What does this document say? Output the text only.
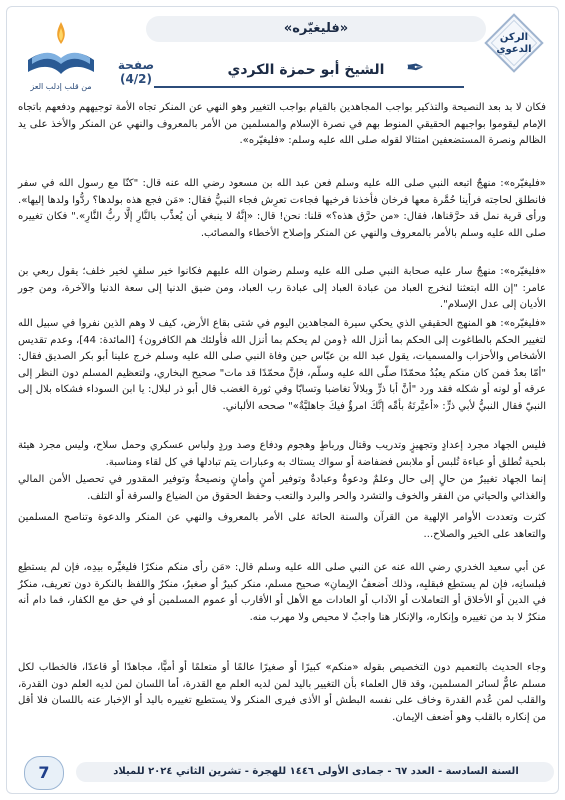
«فليغيّره»
الشيخ أبو حمزة الكردي ✒
الركن الدعوي
صفحة
(4/2)
من قلب إدلب العز

فكان لا بد بعد النصيحة والتذكير بواجب المجاهدين بالقيام بواجب التغيير وهو النهي عن المنكر تجاه الأمة توجيههم ودفعهم باتجاه الإمام ليقوموا بواجبهم الحقيقي المنوط بهم في نصرة الإسلام والمسلمين من الأمر بالمعروف والنهي عن المنكر والأخذ على يد الظالم ونصرة المستضعفين امتثالا لقوله صلى الله عليه وسلم: «فليغيّره».

«فليغيّره»: منهجٌ اتبعه النبي صلى الله عليه وسلم فعن عبد الله بن مسعود رضي الله عنه قال: "كنّا مع رسول الله في سفر فانطلق لحاجته فرأينا حُمَّرة معها فرخان فأخذنا فرخيها فجاءت تعرِش فجاء النبيُّ فقال: «مَن فجع هذه بولدها؟ ردُّوا ولدها إليها». ورأى قرية نمل قد حرَّقناها، فقال: «من حرَّق هذه؟» قلنا: نحن! قال: «إنَّهُ لا ينبغي أن يُعذِّب بالنَّارِ إلَّا ربُّ النَّارِ»." فكان تغييره صلى الله عليه وسلم بالأمر بالمعروف والنهي عن المنكر وإصلاح الأخطاء والمصائب.

«فليغيّره»: منهجٌ سار عليه صحابة النبي صلى الله عليه وسلم رضوان الله عليهم فكانوا خير سلفٍ لخير خلف؛ يقول ربعي بن عامر: "إن الله ابتعثنا لنخرج العباد من عبادة العباد إلى عبادة رب العباد، ومن ضيق الدنيا إلى سعة الدنيا والآخرة، ومن جور الأديان إلى عدل الإسلام".

«فليغيّره»: هو المنهج الحقيقي الذي يحكي سيرة المجاهدين اليوم في شتى بقاع الأرض، كيف لا وهم الذين نفروا في سبيل الله لتغيير الحكم بالطاغوت إلى الحكم بما أنزل الله ﴿ومن لم يحكم بما أنزل الله فأولئك هم الكافرون﴾ [المائدة: 44]، وعدم تقديس الأشخاص والأحزاب والمسميات، يقول عبد الله بن عبّاس حين وفاة النبي صلى الله عليه وسلم خرج علينا أبو بكر الصديق فقال: "أمّا بعدُ فمن كان منكم يعبُدُ محمّدًا صلّى الله عليه وسلّم، فإنَّ محمّدًا قد مات" صحيح البخاري، ولتعظيم المسلم دون النظر إلى عرقه أو لونه أو شكله فقد ورد "أنَّ أبا ذرٍّ وبلالاً تغاضبا وتسابّا وفي ثورة الغضب قال أبو ذر لبلال: يا ابن السوداء فشكاه بلال إلى النبيّ فقال النبيُّ لأبي ذرٍّ: «أعيَّرتَهُ بأمِّه إنَّكَ امرؤٌ فيكَ جاهليَّةٌ»" صححه الألباني.

فليس الجهاد مجرد إعدادٍ وتجهيزٍ وتدريب وقتال ورباطٍ وهجوم ودفاع وصد وردٍ ولباس عسكري وحمل سلاح، وليس مجرد هيئة بلحية تُطلق أو عباءة تُلبس أو ملابس فضفاضة أو سواك يستاك به وعبارات يتم تبادلها في كل لقاء ومناسبة.

إنما الجهاد تغييرٌ من حالٍ إلى حال وعلمٌ ودعوةٌ وعبادةٌ وتوفير أمنٍ وأمانٍ ونصيحةٌ وتوفير المقدور في تحصيل الأمن المالي والغذائي والحياتي من الفقر والخوف والتشرد والحر والبرد والتعب وحفظ الحقوق من الضياع والسرقة أو التلف.

كثرت وتعددت الأوامر الإلهية من القرآن والسنة الحاثة على الأمر بالمعروف والنهي عن المنكر والدعوة وتناصح المسلمين والتعاهد على الخير والصلاح...

عن أبي سعيد الخدري رضي الله عنه عن النبي صلى الله عليه وسلم قال: «مَن رأى منكم منكرًا فليغيِّره بيدِه، فإن لم يستطِع فبلسانِه، فإن لم يستطِع فبقلبِه، وذلك أضعفُ الإيمانِ» صحيح مسلم، منكر كبيرٌ أو صغيرٌ، منكرٌ واللفظ بالنكرة دون تعريف، منكرٌ في الدين أو الأخلاق أو التعاملات أو الآداب أو العادات مع الأهل أو الأقارب أو عموم المسلمين أو في حق مع الكفار، فما دام أنه منكرٌ لا بد من تغييره وإنكاره، والإنكار هنا واجبٌ لا محيص ولا مهرب منه.

وجاء الحديث بالتعميم دون التخصيص بقوله «منكم» كبيرًا أو صغيرًا عالمًا أو متعلمًا أو أميًّا، مجاهدًا أو قاعدًا، فالخطاب لكل مسلم عامٌّ لسائر المسلمين، وقد قال العلماء بأن التغيير باليد لمن لديه العلم مع القدرة، أما اللسان لمن لديه العلم دون القدرة، والقلب لمن عُدم القدرة وخاف على نفسه البطش أو الأذى فيرى المنكر ولا يستطيع تغييره باليد أو الإخبار عنه باللسان فلا أقل من إنكاره بالقلب وهو أضعف الإيمان.

السنة السادسة - العدد ٦٧ - جمادى الأولى ١٤٤٦ للهجرة - تشرين الثاني ٢٠٢٤ للميلاد
7
